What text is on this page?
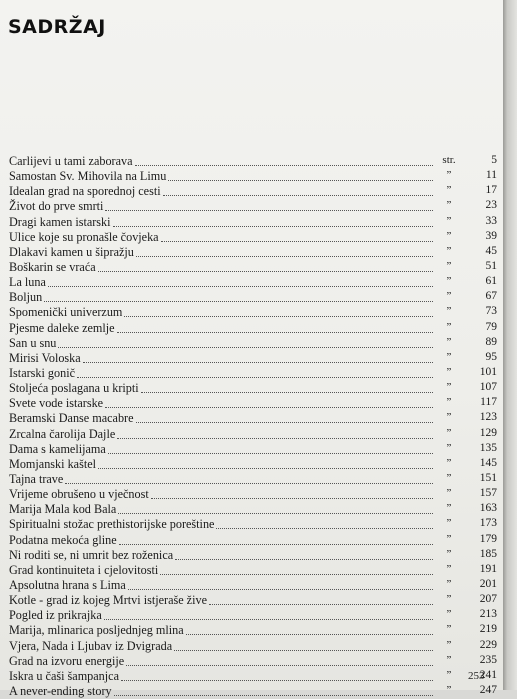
SADRŽAJ
Carlijevi u tami zaborava	str.	5
Samostan Sv. Mihovila na Limu	”	11
Idealan grad na sporednoj cesti	”	17
Život do prve smrti	”	23
Dragi kamen istarski	”	33
Ulice koje su pronašle čovjeka	”	39
Dlakavi kamen u šipražju	”	45
Boškarin se vraća	”	51
La luna	”	61
Boljun	”	67
Spomenički univerzum	”	73
Pjesme daleke zemlje	”	79
San u snu	”	89
Mirisi Voloska	”	95
Istarski gonič	”	101
Stoljeća poslagana u kripti	”	107
Svete vode istarske	”	117
Beramski Danse macabre	”	123
Zrcalna čarolija Dajle	”	129
Dama s kamelijama	”	135
Momjanski kaštel	”	145
Tajna trave	”	151
Vrijeme obrušeno u vječnost	”	157
Marija Mala kod Bala	”	163
Spiritualni stožac prethistorijske poreštine	”	173
Podatna mekoća gline	”	179
Ni roditi se, ni umrit bez roženica	”	185
Grad kontinuiteta i cjelovitosti	”	191
Apsolutna hrana s Lima	”	201
Kotle - grad iz kojeg Mrtvi istjeraše žive	”	207
Pogled iz prikrajka	”	213
Marija, mlinarica posljednjeg mlina	”	219
Vjera, Nada i Ljubav iz Dvigrada	”	229
Grad na izvoru energije	”	235
Iskra u čaši šampanjca	”	241
A never-ending story	”	247
253
